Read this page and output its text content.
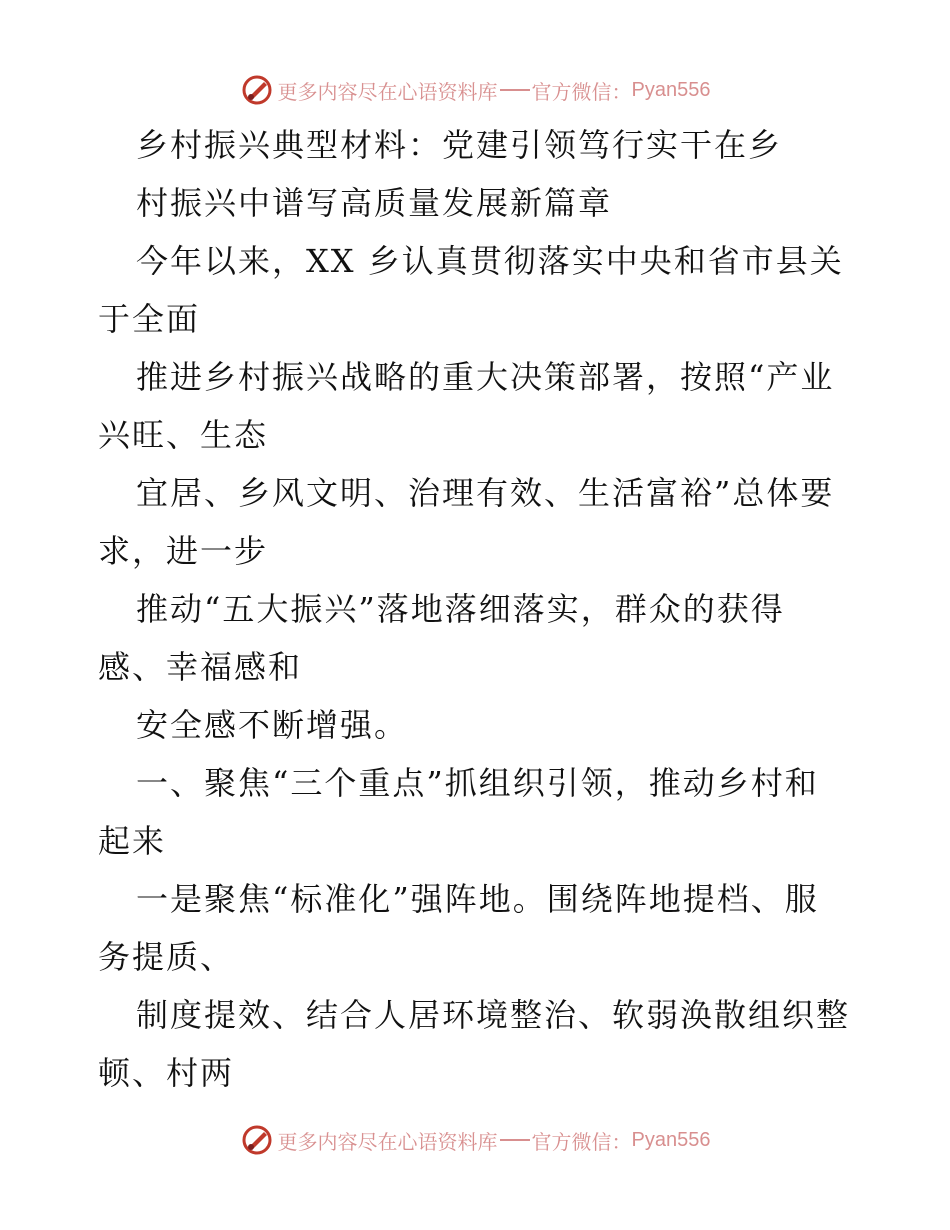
更多内容尽在心语资料库 官方微信： Pyan556
乡村振兴典型材料：党建引领笃行实干在乡
村振兴中谱写高质量发展新篇章
今年以来，XX 乡认真贯彻落实中央和省市县关
于全面
推进乡村振兴战略的重大决策部署，按照“产业
兴旺、生态
宜居、乡风文明、治理有效、生活富裕”总体要
求，进一步
推动“五大振兴”落地落细落实，群众的获得
感、幸福感和
安全感不断增强。
一、聚焦“三个重点”抓组织引领，推动乡村和
起来
一是聚焦“标准化”强阵地。围绕阵地提档、服
务提质、
制度提效、结合人居环境整治、软弱涣散组织整
顿、村两
更多内容尽在心语资料库 官方微信： Pyan556
